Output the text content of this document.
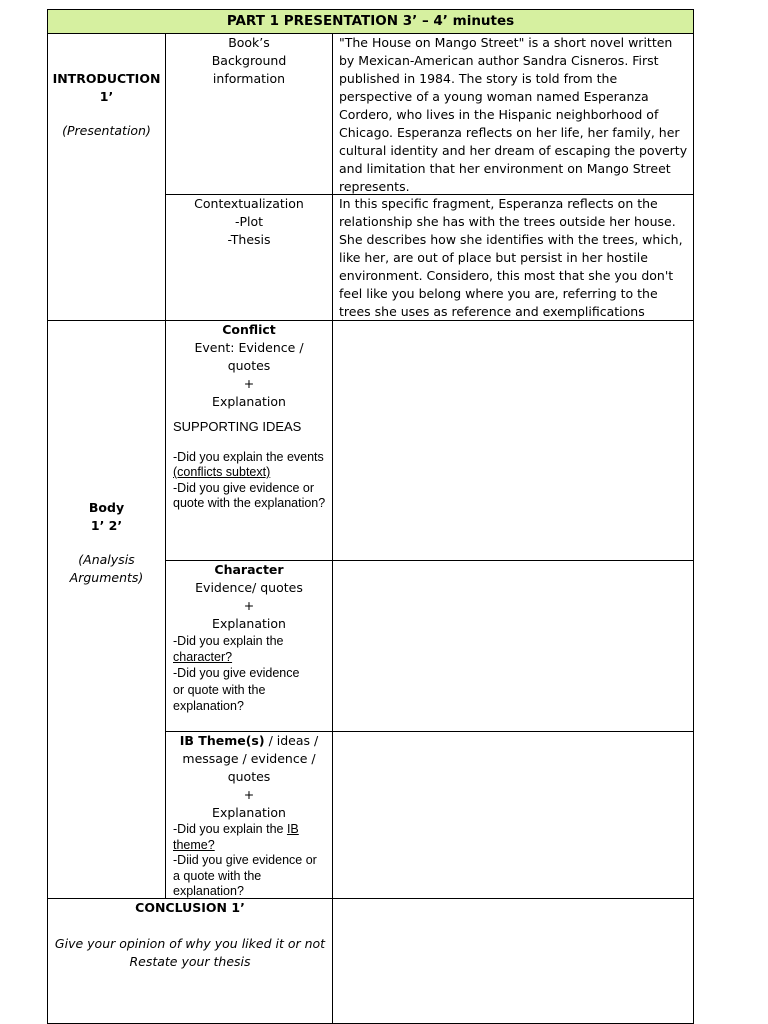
PART 1 PRESENTATION 3’ – 4’ minutes
INTRODUCTION
1’
(Presentation)
Book’s
Background
information
"The House on Mango Street" is a short novel written by Mexican-American author Sandra Cisneros. First published in 1984. The story is told from the perspective of a young woman named Esperanza Cordero, who lives in the Hispanic neighborhood of Chicago. Esperanza reflects on her life, her family, her cultural identity and her dream of escaping the poverty and limitation that her environment on Mango Street represents.
Contextualization
-Plot
-Thesis
In this specific fragment, Esperanza reflects on the relationship she has with the trees outside her house. She describes how she identifies with the trees, which, like her, are out of place but persist in her hostile environment. Considero, this most that she you don't feel like you belong where you are, referring to the trees she uses as reference and exemplifications
Body
1’ 2’
(Analysis
Arguments)
Conflict
Event: Evidence /
quotes
+
Explanation
SUPPORTING IDEAS
-Did you explain the events
(conflicts subtext)
-Did you give evidence or quote with the explanation?
Character
Evidence/ quotes
+
Explanation
-Did you explain the
character?
-Did you give evidence or quote with the explanation?
IB Theme(s) / ideas / message / evidence / quotes
+
Explanation
-Did you explain the IB theme?
-Diid you give evidence or a quote with the explanation?
CONCLUSION 1’
Give your opinion of why you liked it or not
Restate your thesis
